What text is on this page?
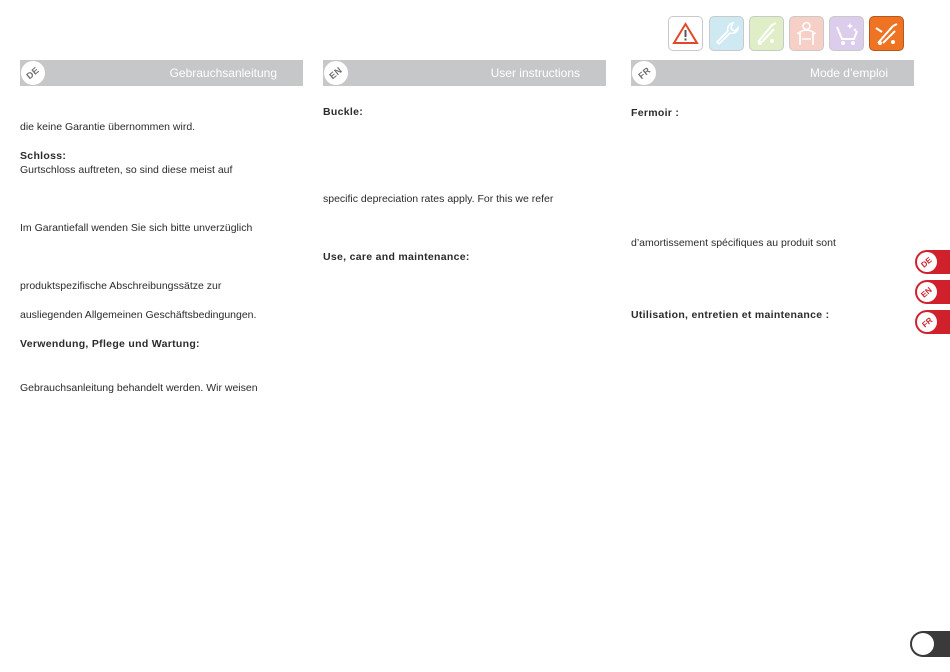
DE	Gebrauchsanleitung	EN	User instructions	FR	Mode d’emploi
die keine Garantie übernommen wird.
Schloss:
Gurtschloss auftreten, so sind diese meist auf
Im Garantiefall wenden Sie sich bitte unverzüglich
produktspezifische Abschreibungssätze zur
ausliegenden Allgemeinen Geschäftsbedingungen.
Verwendung, Pflege und Wartung:
Gebrauchsanleitung behandelt werden. Wir weisen
Buckle:
specific depreciation rates apply. For this we refer
Use, care and maintenance:
Fermoir :
d’amortissement spécifiques au produit sont
Utilisation, entretien et maintenance :
DE
EN
FR
